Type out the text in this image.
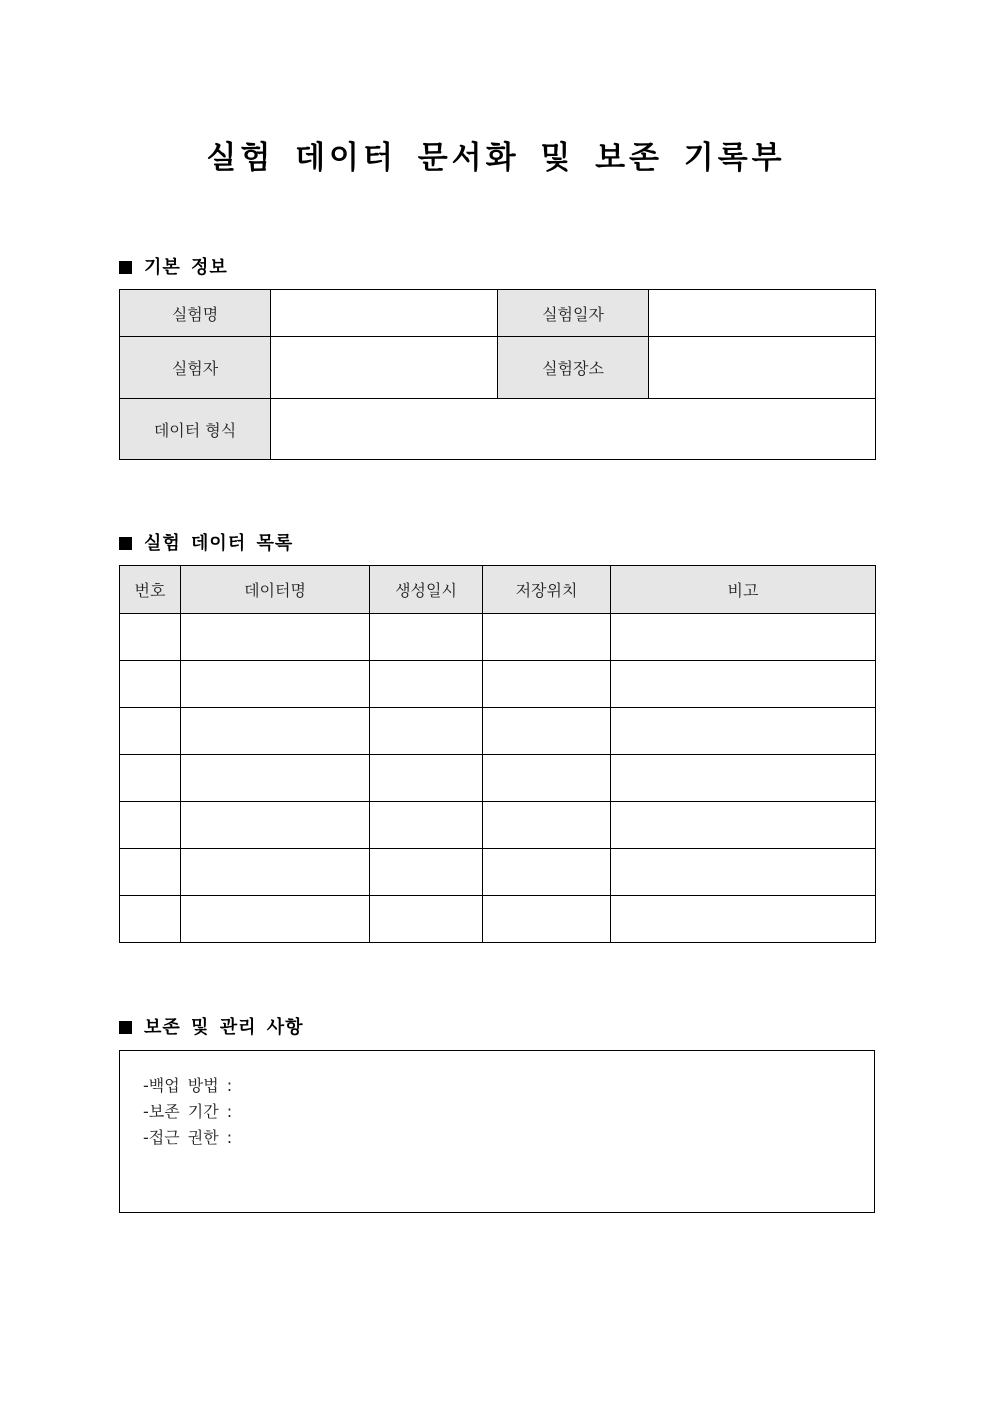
실험 데이터 문서화 및 보존 기록부
기본 정보
실험명		실험일자	
실험자		실험장소	
데이터 형식			
실험 데이터 목록
번호	데이터명	생성일시	저장위치	비고

보존 및 관리 사항
-백업 방법 :
-보존 기간 :
-접근 권한 :
